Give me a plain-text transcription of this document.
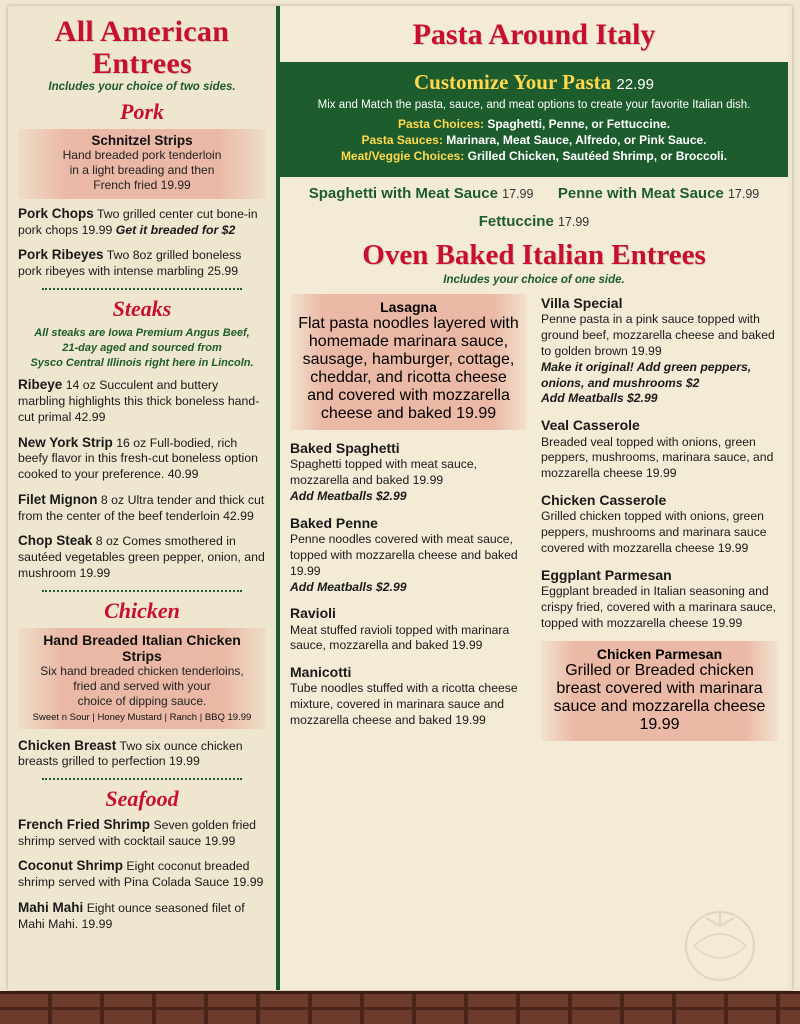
All American
Entrees
Includes your choice of two sides.
Pork
Schnitzel Strips
Hand breaded pork tenderloin
in a light breading and then
French fried 19.99
Pork Chops Two grilled center cut bone-in pork chops 19.99 Get it breaded for $2
Pork Ribeyes Two 8oz grilled boneless pork ribeyes with intense marbling 25.99
Steaks
All steaks are Iowa Premium Angus Beef,
21-day aged and sourced from
Sysco Central Illinois right here in Lincoln.
Ribeye 14 oz Succulent and buttery marbling highlights this thick boneless hand-cut primal 42.99
New York Strip 16 oz Full-bodied, rich beefy flavor in this fresh-cut boneless option cooked to your preference. 40.99
Filet Mignon 8 oz Ultra tender and thick cut from the center of the beef tenderloin 42.99
Chop Steak 8 oz Comes smothered in sautéed vegetables green pepper, onion, and mushroom 19.99
Chicken
Hand Breaded Italian Chicken Strips
Six hand breaded chicken tenderloins,
fried and served with your
choice of dipping sauce.
Sweet n Sour | Honey Mustard | Ranch | BBQ 19.99
Chicken Breast Two six ounce chicken breasts grilled to perfection 19.99
Seafood
French Fried Shrimp Seven golden fried shrimp served with cocktail sauce 19.99
Coconut Shrimp Eight coconut breaded shrimp served with Pina Colada Sauce 19.99
Mahi Mahi Eight ounce seasoned filet of Mahi Mahi. 19.99
Pasta Around Italy
Customize Your Pasta 22.99
Mix and Match the pasta, sauce, and meat options to create your favorite Italian dish.
Pasta Choices: Spaghetti, Penne, or Fettuccine.
Pasta Sauces: Marinara, Meat Sauce, Alfredo, or Pink Sauce.
Meat/Veggie Choices: Grilled Chicken, Sautéed Shrimp, or Broccoli.
Spaghetti with Meat Sauce 17.99 Penne with Meat Sauce 17.99
Fettuccine 17.99
Oven Baked Italian Entrees
Includes your choice of one side.
Lasagna
Flat pasta noodles layered with homemade marinara sauce, sausage, hamburger, cottage, cheddar, and ricotta cheese and covered with mozzarella cheese and baked 19.99
Baked Spaghetti
Spaghetti topped with meat sauce, mozzarella and baked 19.99
Add Meatballs $2.99
Baked Penne
Penne noodles covered with meat sauce, topped with mozzarella cheese and baked 19.99
Add Meatballs $2.99
Ravioli
Meat stuffed ravioli topped with marinara sauce, mozzarella and baked 19.99
Manicotti
Tube noodles stuffed with a ricotta cheese mixture, covered in marinara sauce and mozzarella cheese and baked 19.99
Villa Special
Penne pasta in a pink sauce topped with ground beef, mozzarella cheese and baked to golden brown 19.99
Make it original! Add green peppers, onions, and mushrooms $2
Add Meatballs $2.99
Veal Casserole
Breaded veal topped with onions, green peppers, mushrooms, marinara sauce, and mozzarella cheese 19.99
Chicken Casserole
Grilled chicken topped with onions, green peppers, mushrooms and marinara sauce covered with mozzarella cheese 19.99
Eggplant Parmesan
Eggplant breaded in Italian seasoning and crispy fried, covered with a marinara sauce, topped with mozzarella cheese 19.99
Chicken Parmesan
Grilled or Breaded chicken breast covered with marinara sauce and mozzarella cheese 19.99
